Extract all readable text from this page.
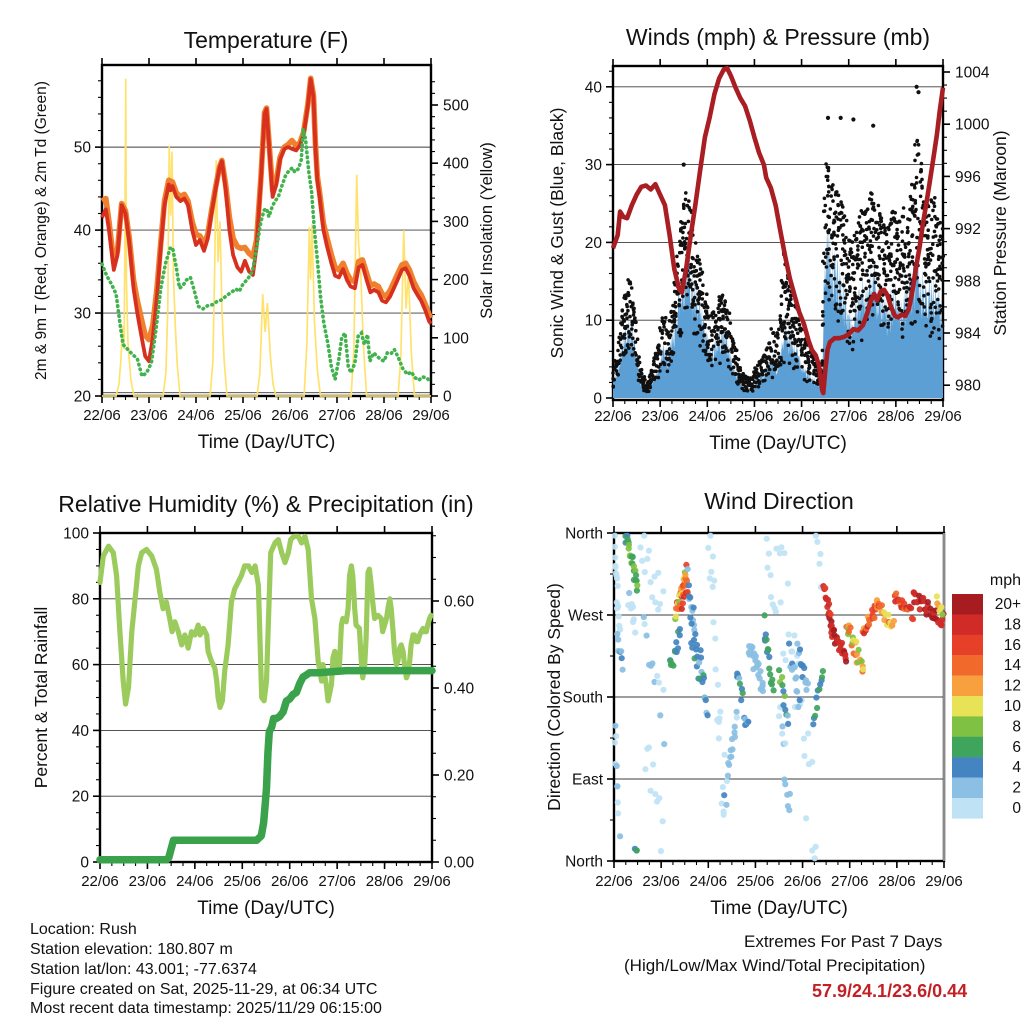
22/06 23/06 24/06 25/06 26/06 27/06 28/06 29/06
20
30
40
50
0
100
200
300
400
500
2m & 9m T (Red, Orange) & 2m Td (Green)	Solar Insolation (Yellow)
Time (Day/UTC)
22/06 23/06 24/06 25/06 26/06 27/06 28/06 29/06
0
10
20
30
40
1004
1000
996
992
988
984
980
Sonic Wind & Gust (Blue, Black)	Station Pressure (Maroon)
Time (Day/UTC)
22/06 23/06 24/06 25/06 26/06 27/06 28/06 29/06
0
20
40
60
80
100
0.00
0.20
0.40
0.60
Percent & Total Rainfall
Time (Day/UTC)
22/06 23/06 24/06 25/06 26/06 27/06 28/06 29/06
North
West
South
East
North
Direction (Colored By Speed)
Time (Day/UTC)
mph
20+
18
16
14
12
10
8
6
4
2
0
Temperature (F)	Winds (mph) & Pressure (mb)
Relative Humidity (%) & Precipitation (in)	Wind Direction
Location: Rush
Station elevation: 180.807 m
Station lat/lon: 43.001; -77.6374
Figure created on Sat, 2025-11-29, at 06:34 UTC
Most recent data timestamp: 2025/11/29 06:15:00
Extremes For Past 7 Days
(High/Low/Max Wind/Total Precipitation)
57.9/24.1/23.6/0.44
